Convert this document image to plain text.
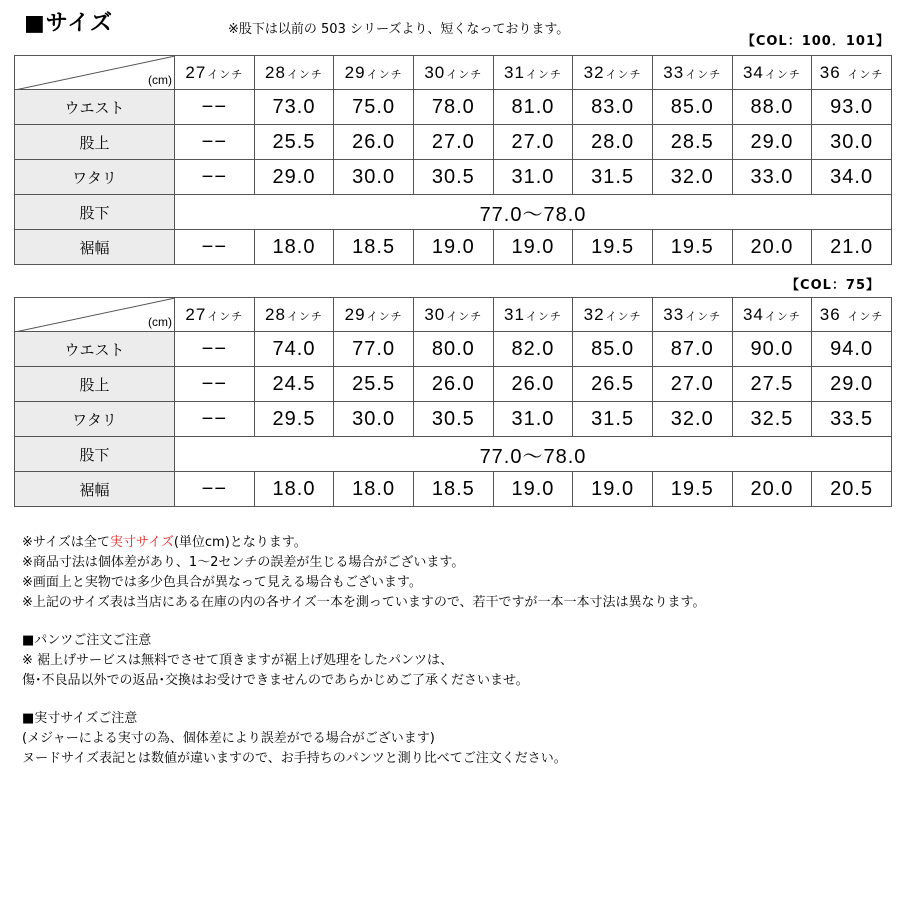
■サイズ	※股下は以前の 503 シリーズより、短くなっております。
【COL：100．101】
(cm)	27インチ	28インチ	29インチ	30インチ	31インチ	32インチ	33インチ	34インチ	36 インチ
ウエスト	−−	73.0	75.0	78.0	81.0	83.0	85.0	88.0	93.0
股上	−−	25.5	26.0	27.0	27.0	28.0	28.5	29.0	30.0
ワタリ	−−	29.0	30.0	30.5	31.0	31.5	32.0	33.0	34.0
股下	77.0〜78.0								
裾幅	−−	18.0	18.5	19.0	19.0	19.5	19.5	20.0	21.0
【COL：75】
(cm)	27インチ	28インチ	29インチ	30インチ	31インチ	32インチ	33インチ	34インチ	36 インチ
ウエスト	−−	74.0	77.0	80.0	82.0	85.0	87.0	90.0	94.0
股上	−−	24.5	25.5	26.0	26.0	26.5	27.0	27.5	29.0
ワタリ	−−	29.5	30.0	30.5	31.0	31.5	32.0	32.5	33.5
股下	77.0〜78.0								
裾幅	−−	18.0	18.0	18.5	19.0	19.0	19.5	20.0	20.5

※サイズは全て実寸サイズ(単位cm)となります。

※商品寸法は個体差があり、1〜2センチの誤差が生じる場合がございます。

※画面上と実物では多少色具合が異なって見える場合もございます。

※上記のサイズ表は当店にある在庫の内の各サイズ一本を測っていますので、若干ですが一本一本寸法は異なります。

■パンツご注文ご注意

※ 裾上げサービスは無料でさせて頂きますが裾上げ処理をしたパンツは、

傷･不良品以外での返品･交換はお受けできませんのであらかじめご了承くださいませ。

■実寸サイズご注意

(メジャーによる実寸の為、個体差により誤差がでる場合がございます)

ヌードサイズ表記とは数値が違いますので、お手持ちのパンツと測り比べてご注文ください。
